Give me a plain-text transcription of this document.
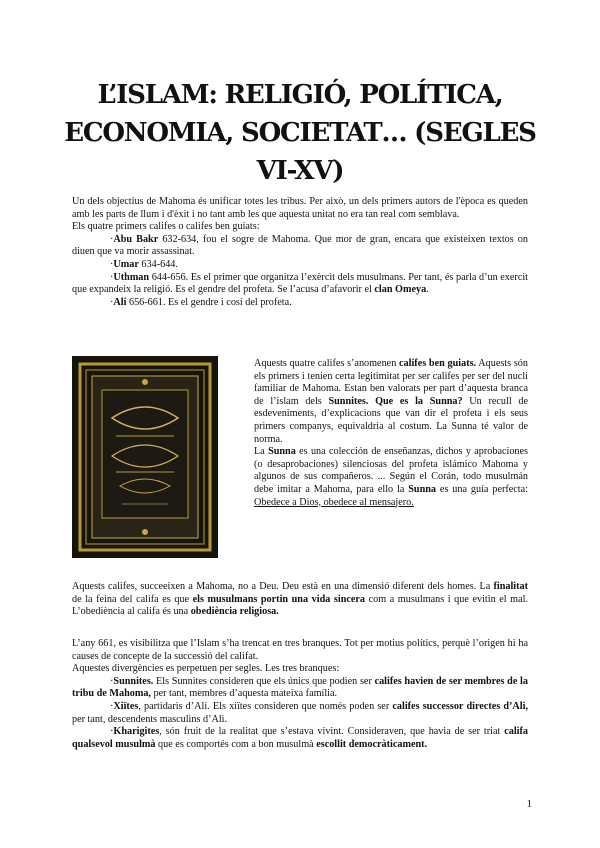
L’ISLAM: RELIGIÓ, POLÍTICA, ECONOMIA, SOCIETAT… (SEGLES VI-XV)

Un dels objectius de Mahoma és unificar totes les tribus. Per això, un dels primers autors de l'època es queden amb les parts de llum i d'èxit i no tant amb les que aquesta unitat no era tan real com semblava.

Els quatre primers califes o califes ben guiats:

·Abu Bakr 632-634, fou el sogre de Mahoma. Que mor de gran, encara que existeixen textos on diuen que va morir assassinat.

·Umar 634-644.

·Uthman 644-656. Es el primer que organitza l’exèrcit dels musulmans. Per tant, és parla d’un exercit que expandeix la religió. Es el gendre del profeta. Se l’acusa d’afavorir el clan Omeya.

·Ali 656-661. Es el gendre i cosí del profeta.

Aquests quatre califes s’anomenen califes ben guiats. Aquests són els primers i tenien certa legitimitat per ser califes per ser del nucli familiar de Mahoma. Estan ben valorats per part d’aquesta branca de l’islam dels Sunnites. Que es la Sunna? Un recull de esdeveniments, d’explicacions que van dir el profeta i els seus primers companys, equivaldria al costum. La Sunna té valor de norma.

La Sunna es una colección de enseñanzas, dichos y aprobaciones (o desaprobaciones) silenciosas del profeta islámico Mahoma y algunos de sus compañeros. ... Según el Corán, todo musulmán debe imitar a Mahoma, para ello la Sunna es una guía perfecta: Obedece a Dios, obedece al mensajero.

Aquests califes, succeeixen a Mahoma, no a Deu. Deu està en una dimensió diferent dels homes. La finalitat de la feina del califa es que els musulmans portin una vida sincera com a musulmans i que evitin el mal. L’obediència al califa és una obediència religiosa.

L’any 661, es visibilitza que l’Islam s’ha trencat en tres branques. Tot per motius polítics, perquè l’origen hi ha causes de concepte de la successió del califat.

Aquestes divergències es perpetuen per segles. Les tres branques:

·Sunnites. Els Sunnites consideren que els únics que podien ser califes havien de ser membres de la tribu de Mahoma, per tant, membres d’aquesta mateixa família.

·Xiïtes, partidaris d’Ali. Els xiïtes consideren que només poden ser califes successor directes d’Ali, per tant, descendents masculins d’Ali.

·Kharigites, són fruit de la realitat que s’estava vivint. Consideraven, que havia de ser triat califa qualsevol musulmà que es comportés com a bon musulmà escollit democràticament.

1
